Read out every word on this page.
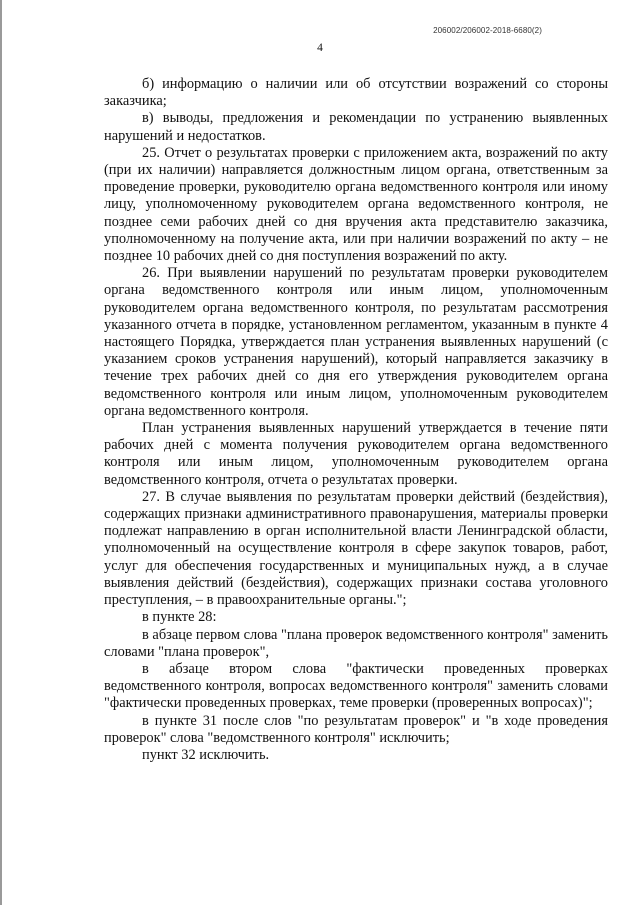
206002/206002-2018-6680(2)
4

б) информацию о наличии или об отсутствии возражений со стороны заказчика;

в) выводы, предложения и рекомендации по устранению выявленных нарушений и недостатков.

25. Отчет о результатах проверки с приложением акта, возражений по акту (при их наличии) направляется должностным лицом органа, ответственным за проведение проверки, руководителю органа ведомственного контроля или иному лицу, уполномоченному руководителем органа ведомственного контроля, не позднее семи рабочих дней со дня вручения акта представителю заказчика, уполномоченному на получение акта, или при наличии возражений по акту – не позднее 10 рабочих дней со дня поступления возражений по акту.

26. При выявлении нарушений по результатам проверки руководителем органа ведомственного контроля или иным лицом, уполномоченным руководителем органа ведомственного контроля, по результатам рассмотрения указанного отчета в порядке, установленном регламентом, указанным в пункте 4 настоящего Порядка, утверждается план устранения выявленных нарушений (с указанием сроков устранения нарушений), который направляется заказчику в течение трех рабочих дней со дня его утверждения руководителем органа ведомственного контроля или иным лицом, уполномоченным руководителем органа ведомственного контроля.

План устранения выявленных нарушений утверждается в течение пяти рабочих дней с момента получения руководителем органа ведомственного контроля или иным лицом, уполномоченным руководителем органа ведомственного контроля, отчета о результатах проверки.

27. В случае выявления по результатам проверки действий (бездействия), содержащих признаки административного правонарушения, материалы проверки подлежат направлению в орган исполнительной власти Ленинградской области, уполномоченный на осуществление контроля в сфере закупок товаров, работ, услуг для обеспечения государственных и муниципальных нужд, а в случае выявления действий (бездействия), содержащих признаки состава уголовного преступления, – в правоохранительные органы.";

в пункте 28:

в абзаце первом слова "плана проверок ведомственного контроля" заменить словами "плана проверок",

в абзаце втором слова "фактически проведенных проверках ведомственного контроля, вопросах ведомственного контроля" заменить словами "фактически проведенных проверках, теме проверки (проверенных вопросах)";

в пункте 31 после слов "по результатам проверок" и "в ходе проведения проверок" слова "ведомственного контроля" исключить;

пункт 32 исключить.
